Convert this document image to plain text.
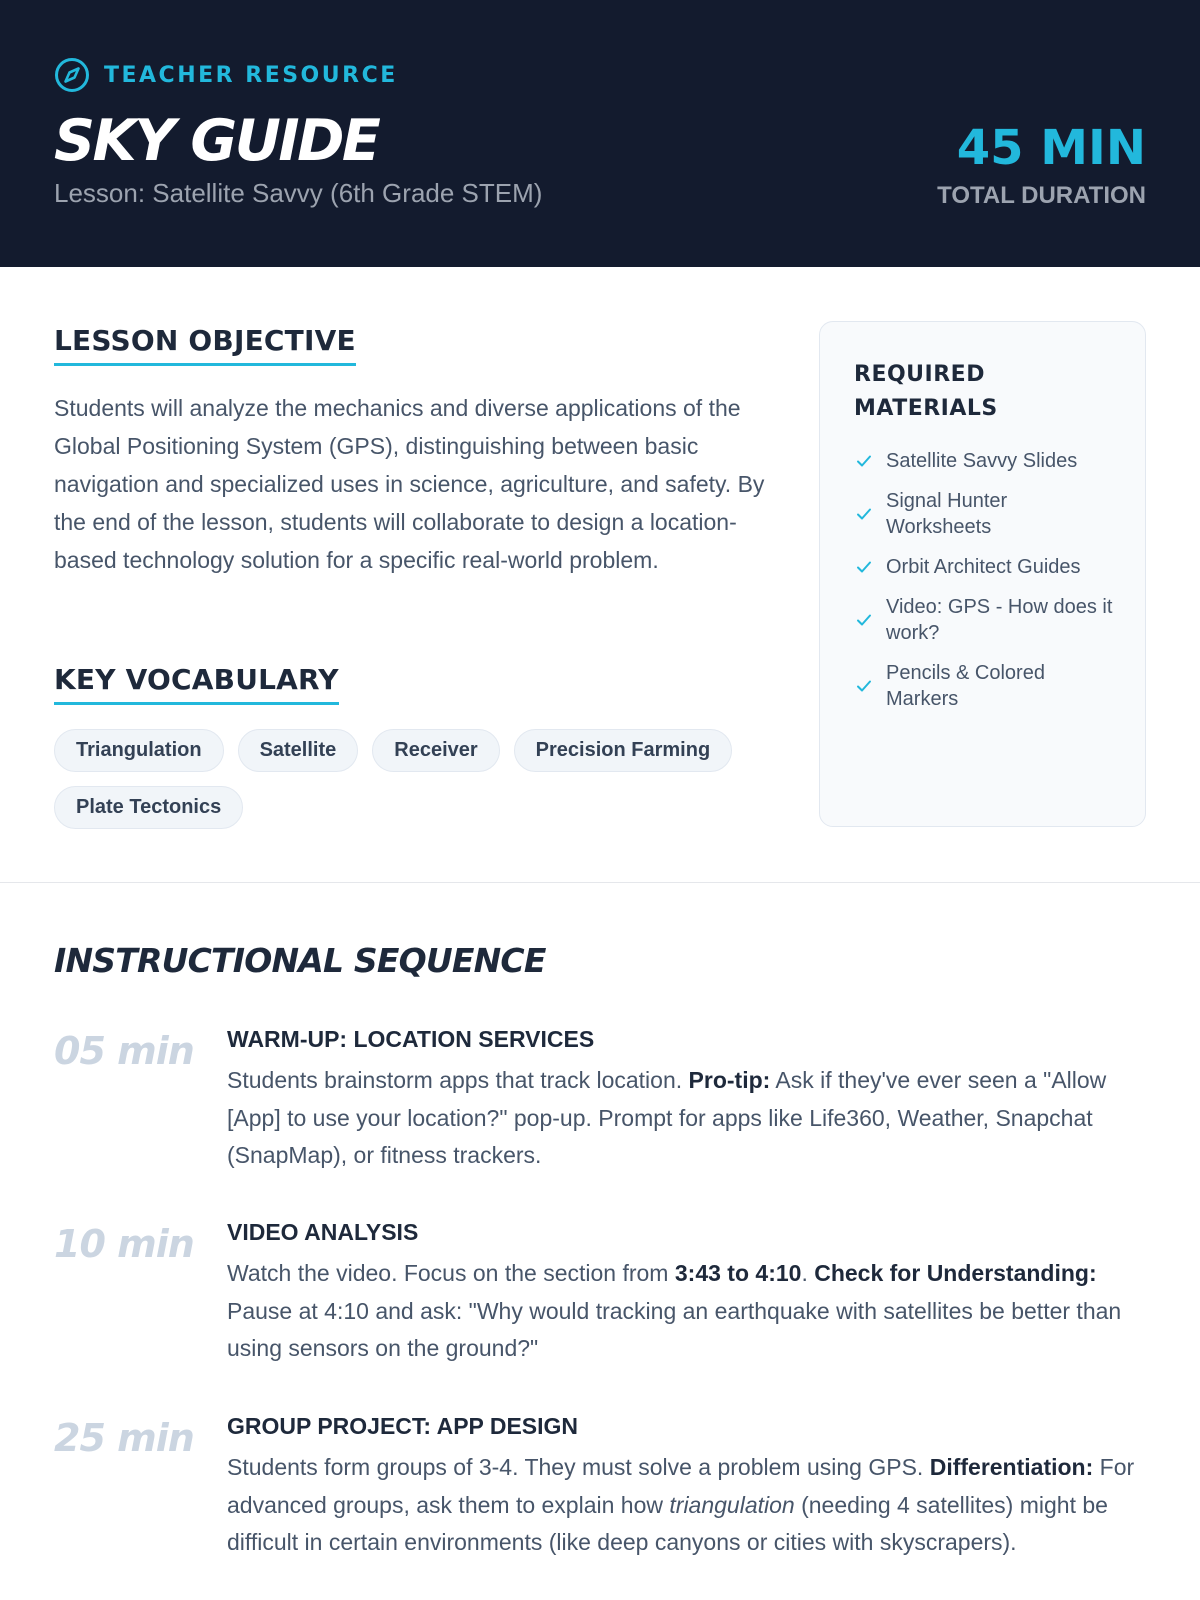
TEACHER RESOURCE
SKY GUIDE
Lesson: Satellite Savvy (6th Grade STEM)
45 MIN
TOTAL DURATION
LESSON OBJECTIVE

Students will analyze the mechanics and diverse applications of the Global Positioning System (GPS), distinguishing between basic navigation and specialized uses in science, agriculture, and safety. By the end of the lesson, students will collaborate to design a location-based technology solution for a specific real-world problem.

KEY VOCABULARY
Triangulation	Satellite	Receiver	Precision Farming
Plate Tectonics
REQUIRED MATERIALS
Satellite Savvy Slides
Signal Hunter Worksheets
Orbit Architect Guides
Video: GPS - How does it work?
Pencils & Colored Markers
INSTRUCTIONAL SEQUENCE
05 min	WARM-UP: LOCATION SERVICES
Students brainstorm apps that track location. Pro-tip: Ask if they've ever seen a "Allow [App] to use your location?" pop-up. Prompt for apps like Life360, Weather, Snapchat (SnapMap), or fitness trackers.
10 min	VIDEO ANALYSIS
Watch the video. Focus on the section from 3:43 to 4:10. Check for Understanding: Pause at 4:10 and ask: "Why would tracking an earthquake with satellites be better than using sensors on the ground?"
25 min	GROUP PROJECT: APP DESIGN
Students form groups of 3-4. They must solve a problem using GPS. Differentiation: For advanced groups, ask them to explain how triangulation (needing 4 satellites) might be difficult in certain environments (like deep canyons or cities with skyscrapers).
